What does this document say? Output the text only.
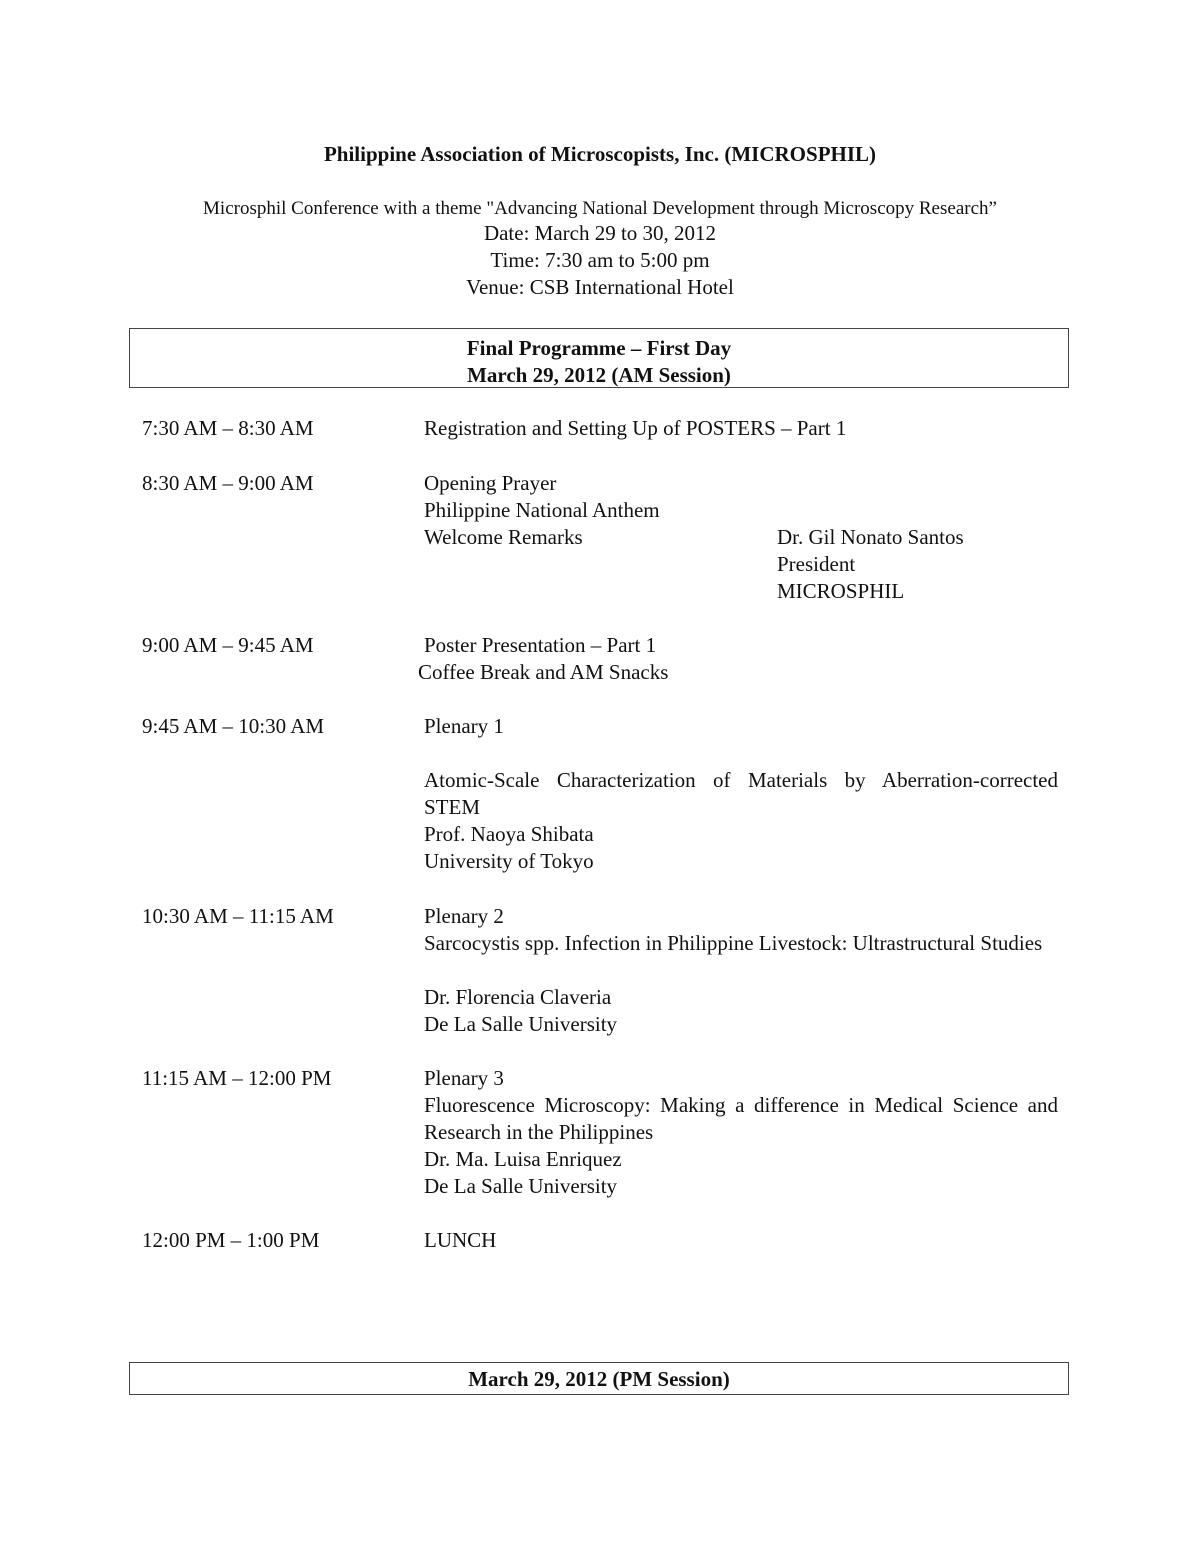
Philippine Association of Microscopists, Inc. (MICROSPHIL)

Microsphil Conference with a theme "Advancing National Development through Microscopy Research”

Date: March 29 to 30, 2012

Time: 7:30 am to 5:00 pm

Venue: CSB International Hotel

Final Programme – First Day
March 29, 2012 (AM Session)
7:30 AM – 8:30 AM	Registration and Setting Up of POSTERS – Part 1
8:30 AM – 9:00 AM	Opening Prayer
Philippine National Anthem
Welcome Remarks	Dr. Gil Nonato Santos
President
MICROSPHIL
9:00 AM – 9:45 AM	Poster Presentation – Part 1
Coffee Break and AM Snacks
9:45 AM – 10:30 AM	Plenary 1
Atomic-Scale Characterization of Materials by Aberration-corrected STEM
Prof. Naoya Shibata
University of Tokyo
10:30 AM – 11:15 AM	Plenary 2
Sarcocystis spp. Infection in Philippine Livestock: Ultrastructural Studies
Dr. Florencia Claveria
De La Salle University
11:15 AM – 12:00 PM	Plenary 3
Fluorescence Microscopy: Making a difference in Medical Science and Research in the Philippines
Dr. Ma. Luisa Enriquez
De La Salle University
12:00 PM – 1:00 PM	LUNCH
March 29, 2012 (PM Session)
